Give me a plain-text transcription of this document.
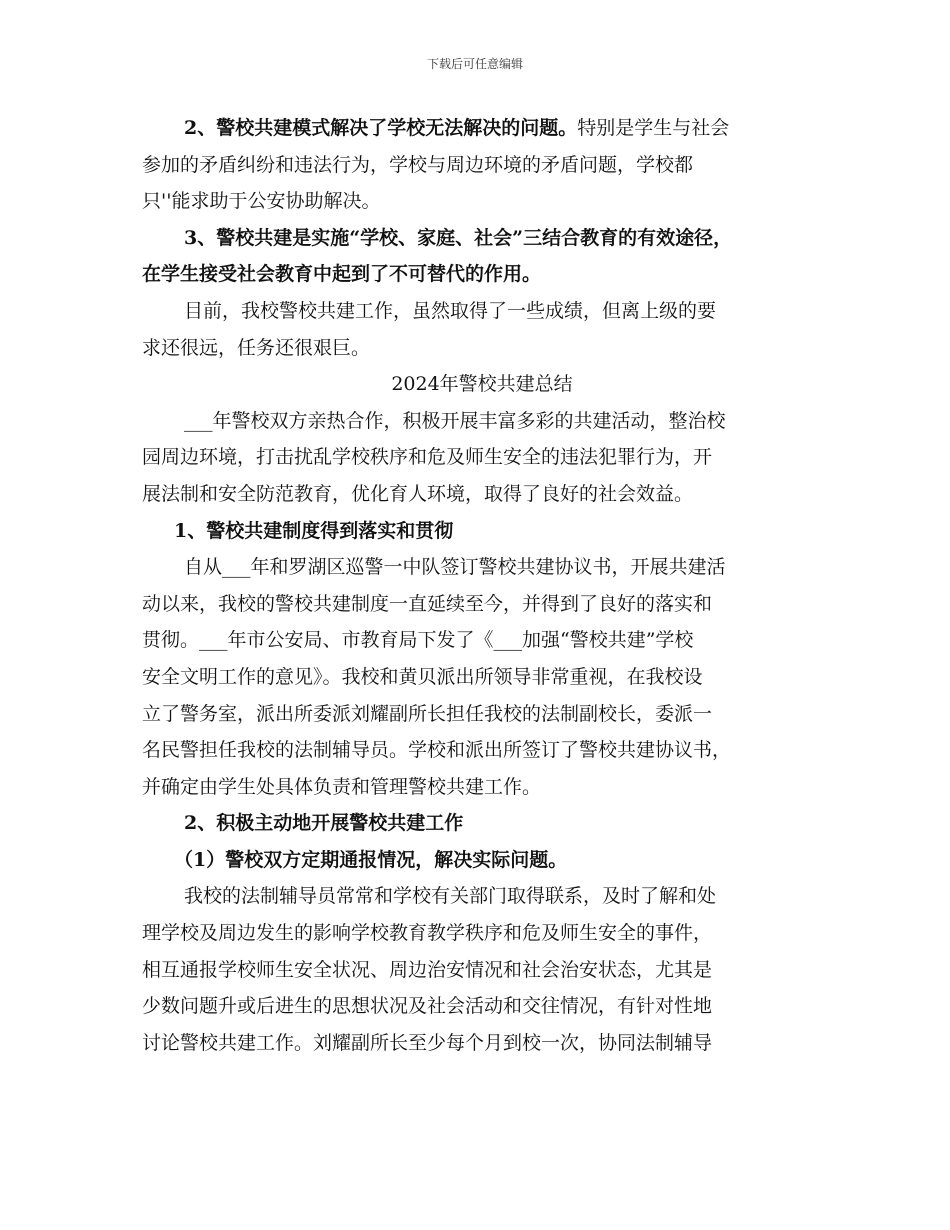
下载后可任意编辑
2、警校共建模式解决了学校无法解决的问题。特别是学生与社会
参加的矛盾纠纷和违法行为，学校与周边环境的矛盾问题，学校都
只''能求助于公安协助解决。
3、警校共建是实施“学校、家庭、社会”三结合教育的有效途径，
在学生接受社会教育中起到了不可替代的作用。
目前，我校警校共建工作，虽然取得了一些成绩，但离上级的要
求还很远，任务还很艰巨。
2024年警校共建总结
___年警校双方亲热合作，积极开展丰富多彩的共建活动，整治校
园周边环境，打击扰乱学校秩序和危及师生安全的违法犯罪行为，开
展法制和安全防范教育，优化育人环境，取得了良好的社会效益。
1、警校共建制度得到落实和贯彻
自从___年和罗湖区巡警一中队签订警校共建协议书，开展共建活
动以来，我校的警校共建制度一直延续至今，并得到了良好的落实和
贯彻。___年市公安局、市教育局下发了《___加强“警校共建”学校
安全文明工作的意见》。我校和黄贝派出所领导非常重视，在我校设
立了警务室，派出所委派刘耀副所长担任我校的法制副校长，委派一
名民警担任我校的法制辅导员。学校和派出所签订了警校共建协议书，
并确定由学生处具体负责和管理警校共建工作。
2、积极主动地开展警校共建工作
（1）警校双方定期通报情况，解决实际问题。
我校的法制辅导员常常和学校有关部门取得联系，及时了解和处
理学校及周边发生的影响学校教育教学秩序和危及师生安全的事件，
相互通报学校师生安全状况、周边治安情况和社会治安状态，尤其是
少数问题升或后进生的思想状况及社会活动和交往情况，有针对性地
讨论警校共建工作。刘耀副所长至少每个月到校一次，协同法制辅导
